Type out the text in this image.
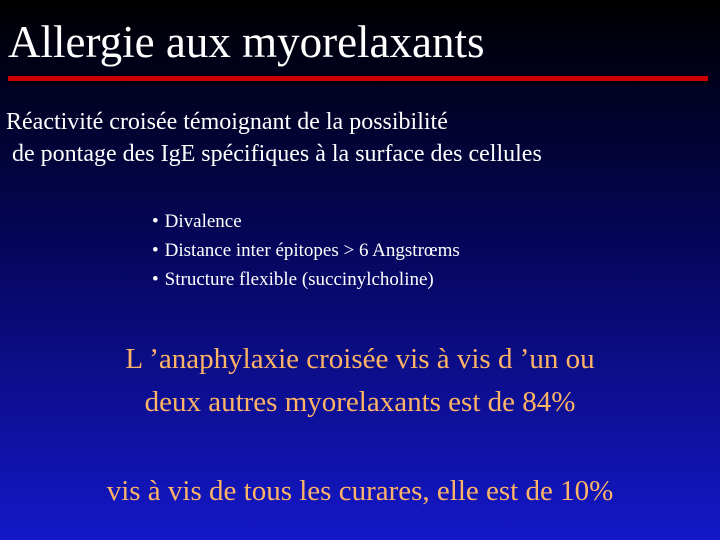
Allergie aux myorelaxants
Réactivité croisée témoignant de la possibilité
de pontage des IgE spécifiques à la surface des cellules
• Divalence
• Distance inter épitopes > 6 Angstrœms
• Structure flexible (succinylcholine)
L ’anaphylaxie croisée vis à vis d ’un ou
deux autres myorelaxants est de 84%
vis à vis de tous les curares, elle est de 10%
